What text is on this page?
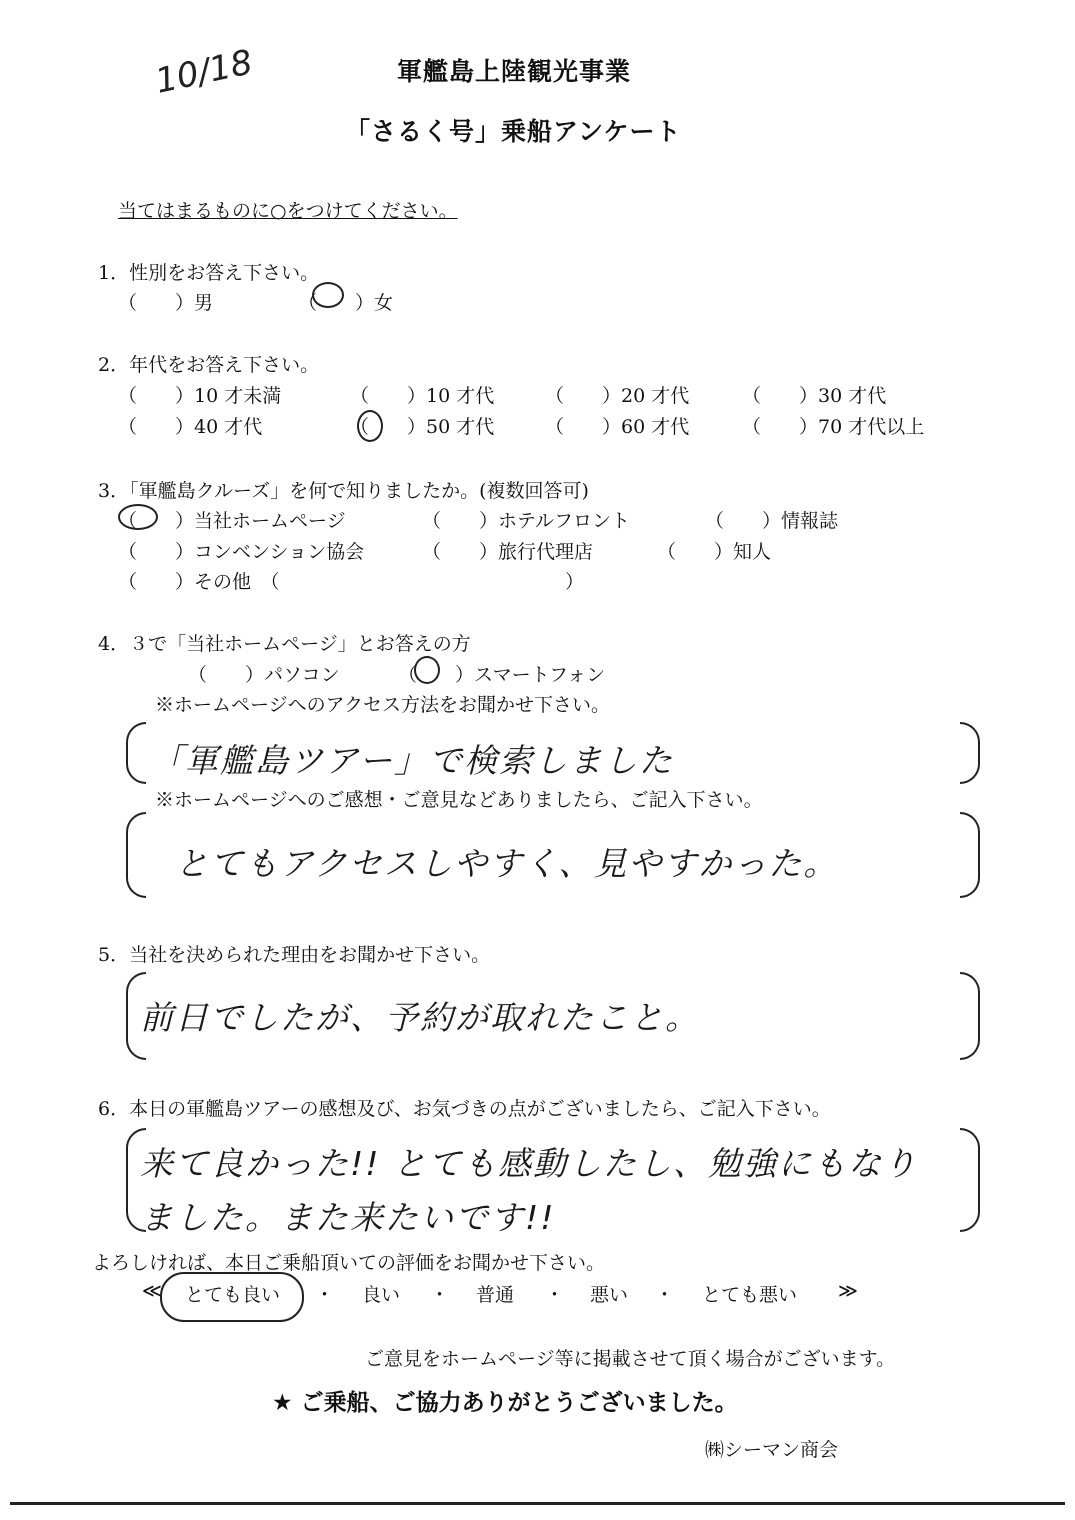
10/18	軍艦島上陸観光事業
「さるく号」乗船アンケート
当てはまるものに○をつけてください。
1．性別をお答え下さい。
（　　）男	（　　）女
2．年代をお答え下さい。
（　　）10 才未満	（　　）10 才代	（　　）20 才代	（　　）30 才代
（　　）40 才代	（　　）50 才代	（　　）60 才代	（　　）70 才代以上
3．「軍艦島クルーズ」を何で知りましたか。(複数回答可)
（　　）当社ホームページ	（　　）ホテルフロント	（　　）情報誌
（　　）コンベンション協会	（　　）旅行代理店	（　　）知人
（　　）その他　（	）
4．３で「当社ホームページ」とお答えの方
（　　）パソコン	（　　）スマートフォン
※ホームページへのアクセス方法をお聞かせ下さい。
「軍艦島ツアー」で検索しました
※ホームページへのご感想・ご意見などありましたら、ご記入下さい。
とてもアクセスしやすく、見やすかった。
5．当社を決められた理由をお聞かせ下さい。
前日でしたが、予約が取れたこと。
6．本日の軍艦島ツアーの感想及び、お気づきの点がございましたら、ご記入下さい。
来て良かった!! とても感動したし、勉強にもなり
ました。また来たいです!!
よろしければ、本日ご乗船頂いての評価をお聞かせ下さい。
≪ とても良い ・ 良い ・ 普通 ・ 悪い ・ とても悪い ≫
ご意見をホームページ等に掲載させて頂く場合がございます。
★ ご乗船、ご協力ありがとうございました。
㈱シーマン商会
